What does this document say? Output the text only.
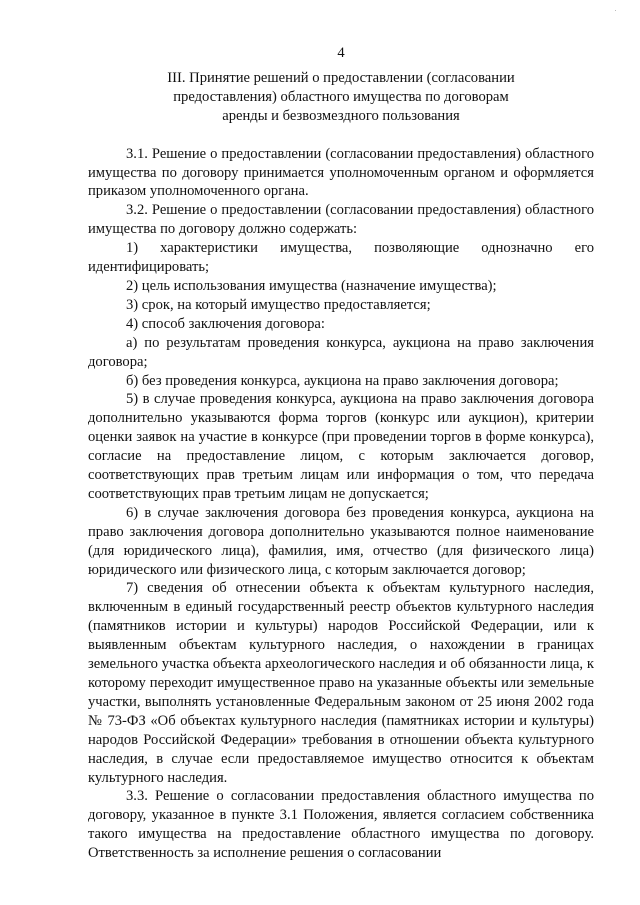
4
III. Принятие решений о предоставлении (согласовании
предоставления) областного имущества по договорам
аренды и безвозмездного пользования

3.1. Решение о предоставлении (согласовании предоставления) областного имущества по договору принимается уполномоченным органом и оформляется приказом уполномоченного органа.

3.2. Решение о предоставлении (согласовании предоставления) областного имущества по договору должно содержать:

1) характеристики имущества, позволяющие однозначно его идентифицировать;

2) цель использования имущества (назначение имущества);

3) срок, на который имущество предоставляется;

4) способ заключения договора:

а) по результатам проведения конкурса, аукциона на право заключения договора;

б) без проведения конкурса, аукциона на право заключения договора;

5) в случае проведения конкурса, аукциона на право заключения договора дополнительно указываются форма торгов (конкурс или аукцион), критерии оценки заявок на участие в конкурсе (при проведении торгов в форме конкурса), согласие на предоставление лицом, с которым заключается договор, соответствующих прав третьим лицам или информация о том, что передача соответствующих прав третьим лицам не допускается;

6) в случае заключения договора без проведения конкурса, аукциона на право заключения договора дополнительно указываются полное наименование (для юридического лица), фамилия, имя, отчество (для физического лица) юридического или физического лица, с которым заключается договор;

7) сведения об отнесении объекта к объектам культурного наследия, включенным в единый государственный реестр объектов культурного наследия (памятников истории и культуры) народов Российской Федерации, или к выявленным объектам культурного наследия, о нахождении в границах земельного участка объекта археологического наследия и об обязанности лица, к которому переходит имущественное право на указанные объекты или земельные участки, выполнять установленные Федеральным законом от 25 июня 2002 года № 73-ФЗ «Об объектах культурного наследия (памятниках истории и культуры) народов Российской Федерации» требования в отношении объекта культурного наследия, в случае если предоставляемое имущество относится к объектам культурного наследия.

3.3. Решение о согласовании предоставления областного имущества по договору, указанное в пункте 3.1 Положения, является согласием собственника такого имущества на предоставление областного имущества по договору. Ответственность за исполнение решения о согласовании
